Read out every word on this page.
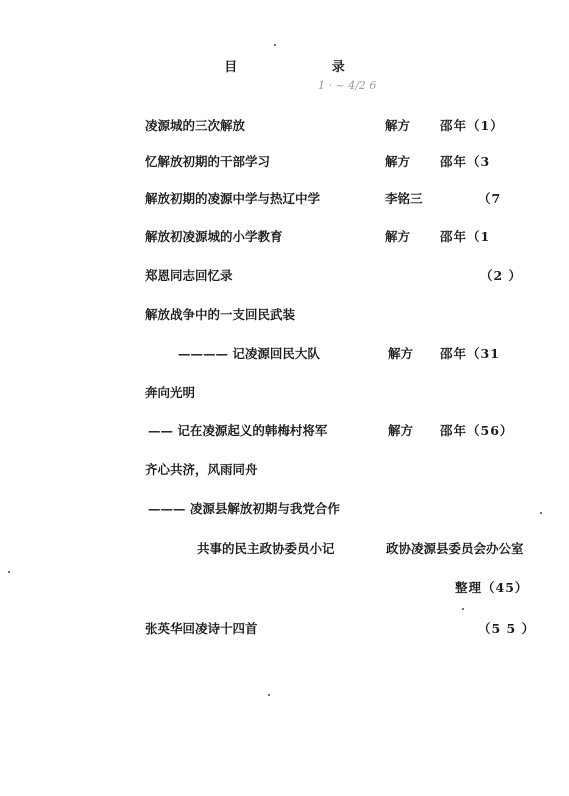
目	录
1 · ~ 4/2 6
凌源城的三次解放	解方 邵年（1）
忆解放初期的干部学习	解方 邵年（3
解放初期的凌源中学与热辽中学	李铭三	（7
解放初凌源城的小学教育	解方 邵年（1
郑恩同志回忆录	（2 ）
解放战争中的一支回民武装
———— 记凌源回民大队	解方 邵年（31
奔向光明
—— 记在凌源起义的韩梅村将军	解方 邵年（56）
齐心共济，风雨同舟
——— 凌源县解放初期与我党合作
共事的民主政协委员小记	政协凌源县委员会办公室
整理（45）
张英华回凌诗十四首	（5 5 ）
